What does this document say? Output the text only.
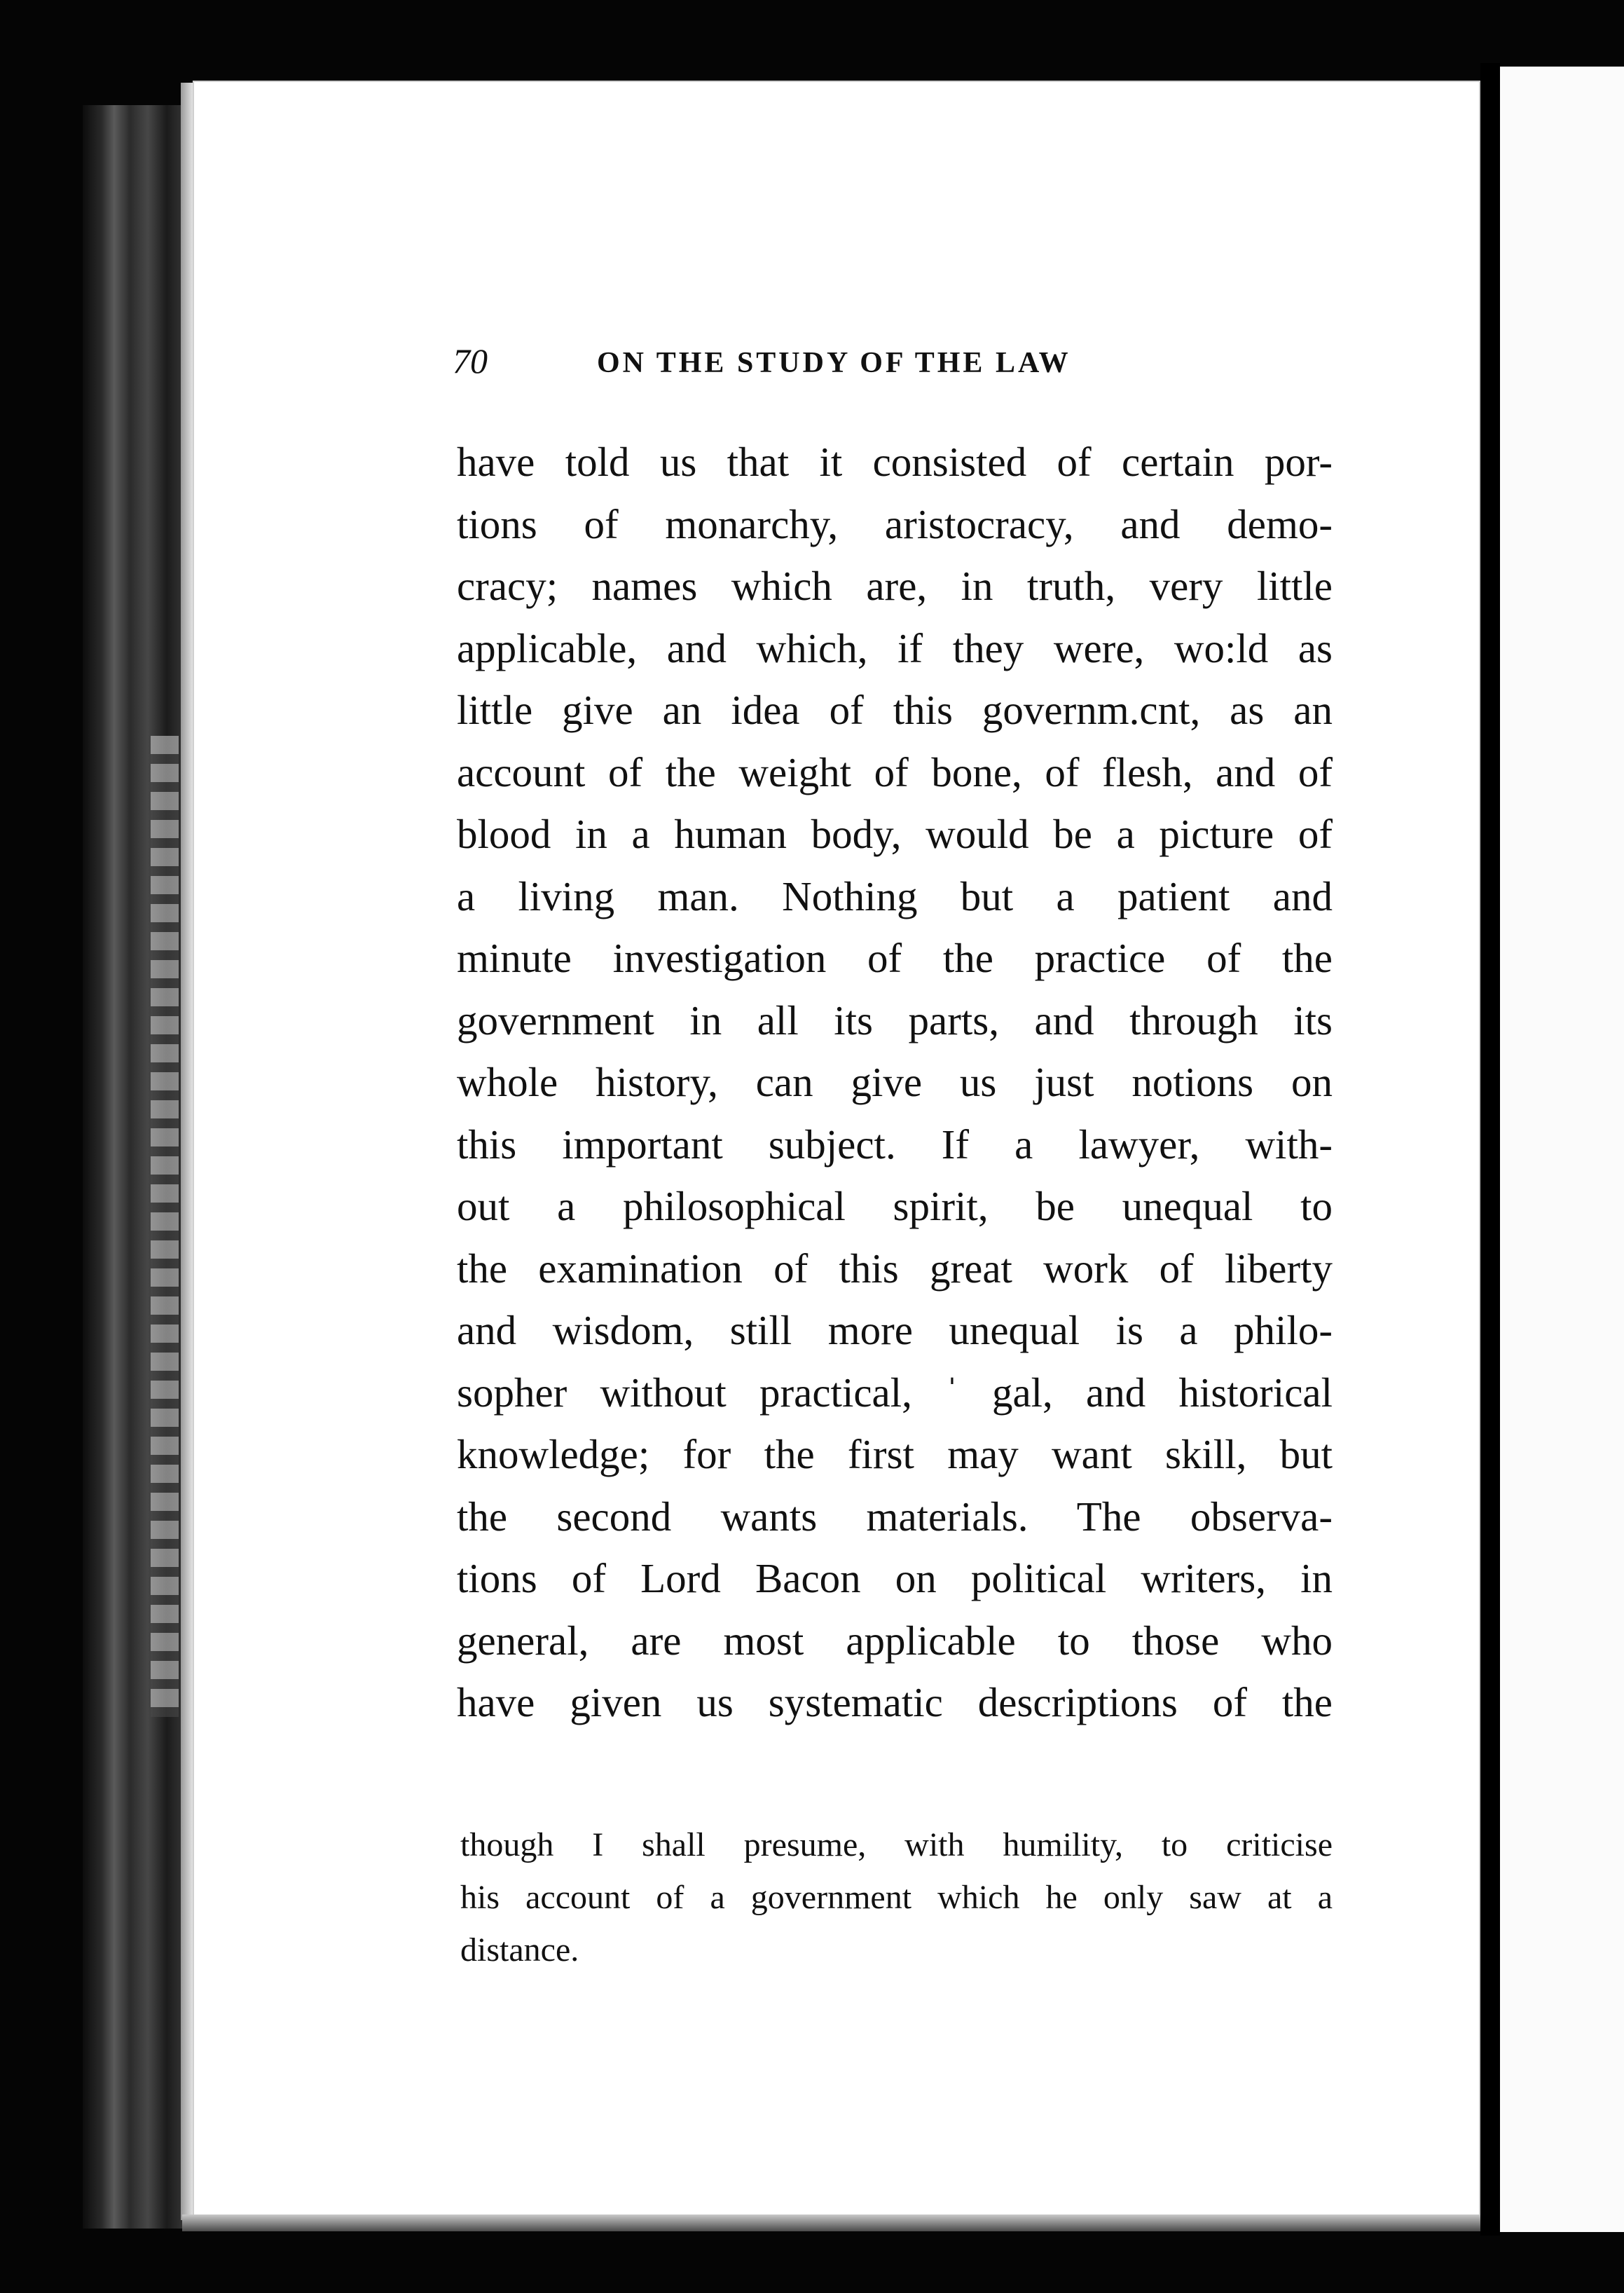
70	ON THE STUDY OF THE LAW
have told us that it consisted of certain por-
tions of monarchy, aristocracy, and demo-
cracy; names which are, in truth, very little
applicable, and which, if they were, wo:ld as
little give an idea of this governm.cnt, as an
account of the weight of bone, of flesh, and of
blood in a human body, would be a picture of
a living man. Nothing but a patient and
minute investigation of the practice of the
government in all its parts, and through its
whole history, can give us just notions on
this important subject. If a lawyer, with-
out a philosophical spirit, be unequal to
the examination of this great work of liberty
and wisdom, still more unequal is a philo-
sopher without practical, ˈ gal, and historical
knowledge; for the first may want skill, but
the second wants materials. The observa-
tions of Lord Bacon on political writers, in
general, are most applicable to those who
have given us systematic descriptions of the
though I shall presume, with humility, to criticise
his account of a government which he only saw at a
distance.
